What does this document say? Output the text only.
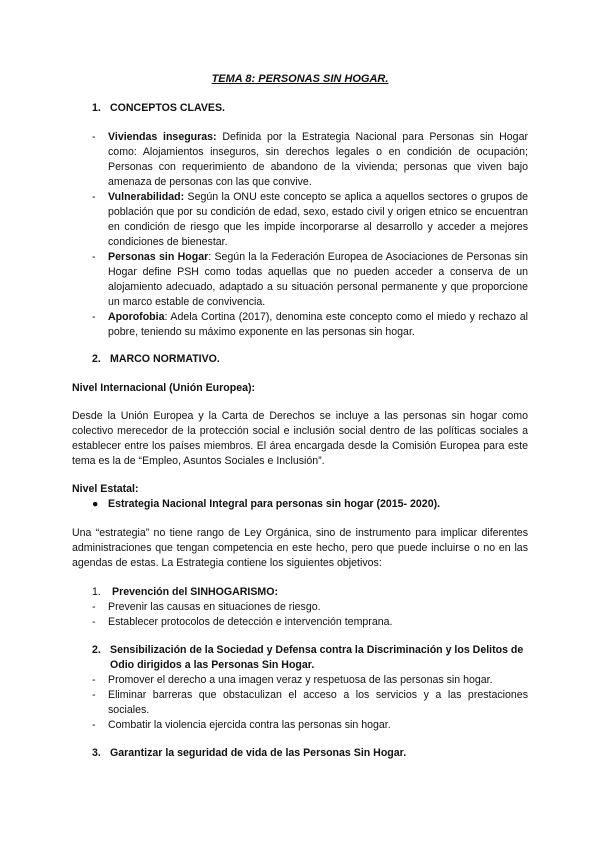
TEMA 8: PERSONAS SIN HOGAR.
1. CONCEPTOS CLAVES.
- Viviendas inseguras: Definida por la Estrategia Nacional para Personas sin Hogar como: Alojamientos inseguros, sin derechos legales o en condición de ocupación; Personas con requerimiento de abandono de la vivienda; personas que viven bajo amenaza de personas con las que convive.
- Vulnerabilidad: Según la ONU este concepto se aplica a aquellos sectores o grupos de población que por su condición de edad, sexo, estado civil y origen etnico se encuentran en condición de riesgo que les impide incorporarse al desarrollo y acceder a mejores condiciones de bienestar.
- Personas sin Hogar: Según la la Federación Europea de Asociaciones de Personas sin Hogar define PSH como todas aquellas que no pueden acceder a conserva de un alojamiento adecuado, adaptado a su situación personal permanente y que proporcione un marco estable de convivencia.
- Aporofobia: Adela Cortina (2017), denomina este concepto como el miedo y rechazo al pobre, teniendo su máximo exponente en las personas sin hogar.
2. MARCO NORMATIVO.
Nivel Internacional (Unión Europea):
Desde la Unión Europea y la Carta de Derechos se incluye a las personas sin hogar como colectivo merecedor de la protección social e inclusión social dentro de las políticas sociales a establecer entre los países miembros. El área encargada desde la Comisión Europea para este tema es la de “Empleo, Asuntos Sociales e Inclusión”.
Nivel Estatal:
● Estrategia Nacional Integral para personas sin hogar (2015- 2020).
Una “estrategia” no tiene rango de Ley Orgánica, sino de instrumento para implicar diferentes administraciones que tengan competencia en este hecho, pero que puede incluirse o no en las agendas de estas. La Estrategia contiene los siguientes objetivos:
1.	Prevención del SINHOGARISMO:
- Prevenir las causas en situaciones de riesgo.
- Establecer protocolos de detección e intervención temprana.
2. Sensibilización de la Sociedad y Defensa contra la Discriminación y los Delitos de Odio dirigidos a las Personas Sin Hogar.
- Promover el derecho a una imagen veraz y respetuosa de las personas sin hogar.
- Eliminar barreras que obstaculizan el acceso a los servicios y a las prestaciones sociales.
- Combatir la violencia ejercida contra las personas sin hogar.
3. Garantizar la seguridad de vida de las Personas Sin Hogar.
